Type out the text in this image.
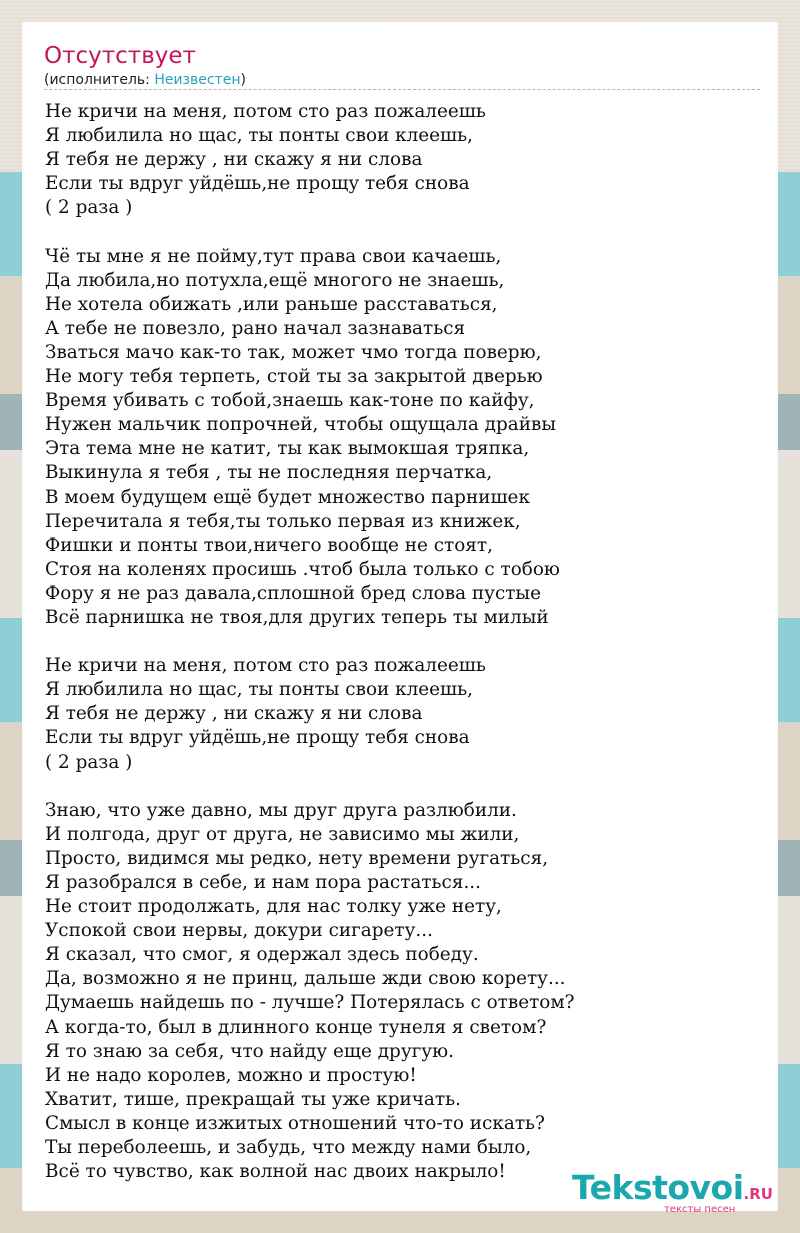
Отсутствует
(исполнитель: Неизвестен)
Не кричи на меня, потом сто раз пожалеешь
Я любилила но щас, ты понты свои клеешь,
Я тебя не держу , ни скажу я ни слова
Если ты вдруг уйдёшь,не прощу тебя снова
( 2 раза )
Чё ты мне я не пойму,тут права свои качаешь,
Да любила,но потухла,ещё многого не знаешь,
Не хотела обижать ,или раньше расставаться,
А тебе не повезло, рано начал зазнаваться
Зваться мачо как-то так, может чмо тогда поверю,
Не могу тебя терпеть, стой ты за закрытой дверью
Время убивать с тобой,знаешь как-тоне по кайфу,
Нужен мальчик попрочней, чтобы ощущала драйвы
Эта тема мне не катит, ты как вымокшая тряпка,
Выкинула я тебя , ты не последняя перчатка,
В моем будущем ещё будет множество парнишек
Перечитала я тебя,ты только первая из книжек,
Фишки и понты твои,ничего вообще не стоят,
Стоя на коленях просишь .чтоб была только с тобою
Фору я не раз давала,сплошной бред слова пустые
Всё парнишка не твоя,для других теперь ты милый
Не кричи на меня, потом сто раз пожалеешь
Я любилила но щас, ты понты свои клеешь,
Я тебя не держу , ни скажу я ни слова
Если ты вдруг уйдёшь,не прощу тебя снова
( 2 раза )
Знаю, что уже давно, мы друг друга разлюбили.
И полгода, друг от друга, не зависимо мы жили,
Просто, видимся мы редко, нету времени ругаться,
Я разобрался в себе, и нам пора растаться...
Не стоит продолжать, для нас толку уже нету,
Успокой свои нервы, докури сигарету...
Я сказал, что смог, я одержал здесь победу.
Да, возможно я не принц, дальше жди свою корету...
Думаешь найдешь по - лучше? Потерялась с ответом?
А когда-то, был в длинного конце тунеля я светом?
Я то знаю за себя, что найду еще другую.
И не надо королев, можно и простую!
Хватит, тише, прекращай ты уже кричать.
Смысл в конце изжитых отношений что-то искать?
Ты переболеешь, и забудь, что между нами было,
Всё то чувство, как волной нас двоих накрыло!	Tekstovoi.RU
тексты песен
